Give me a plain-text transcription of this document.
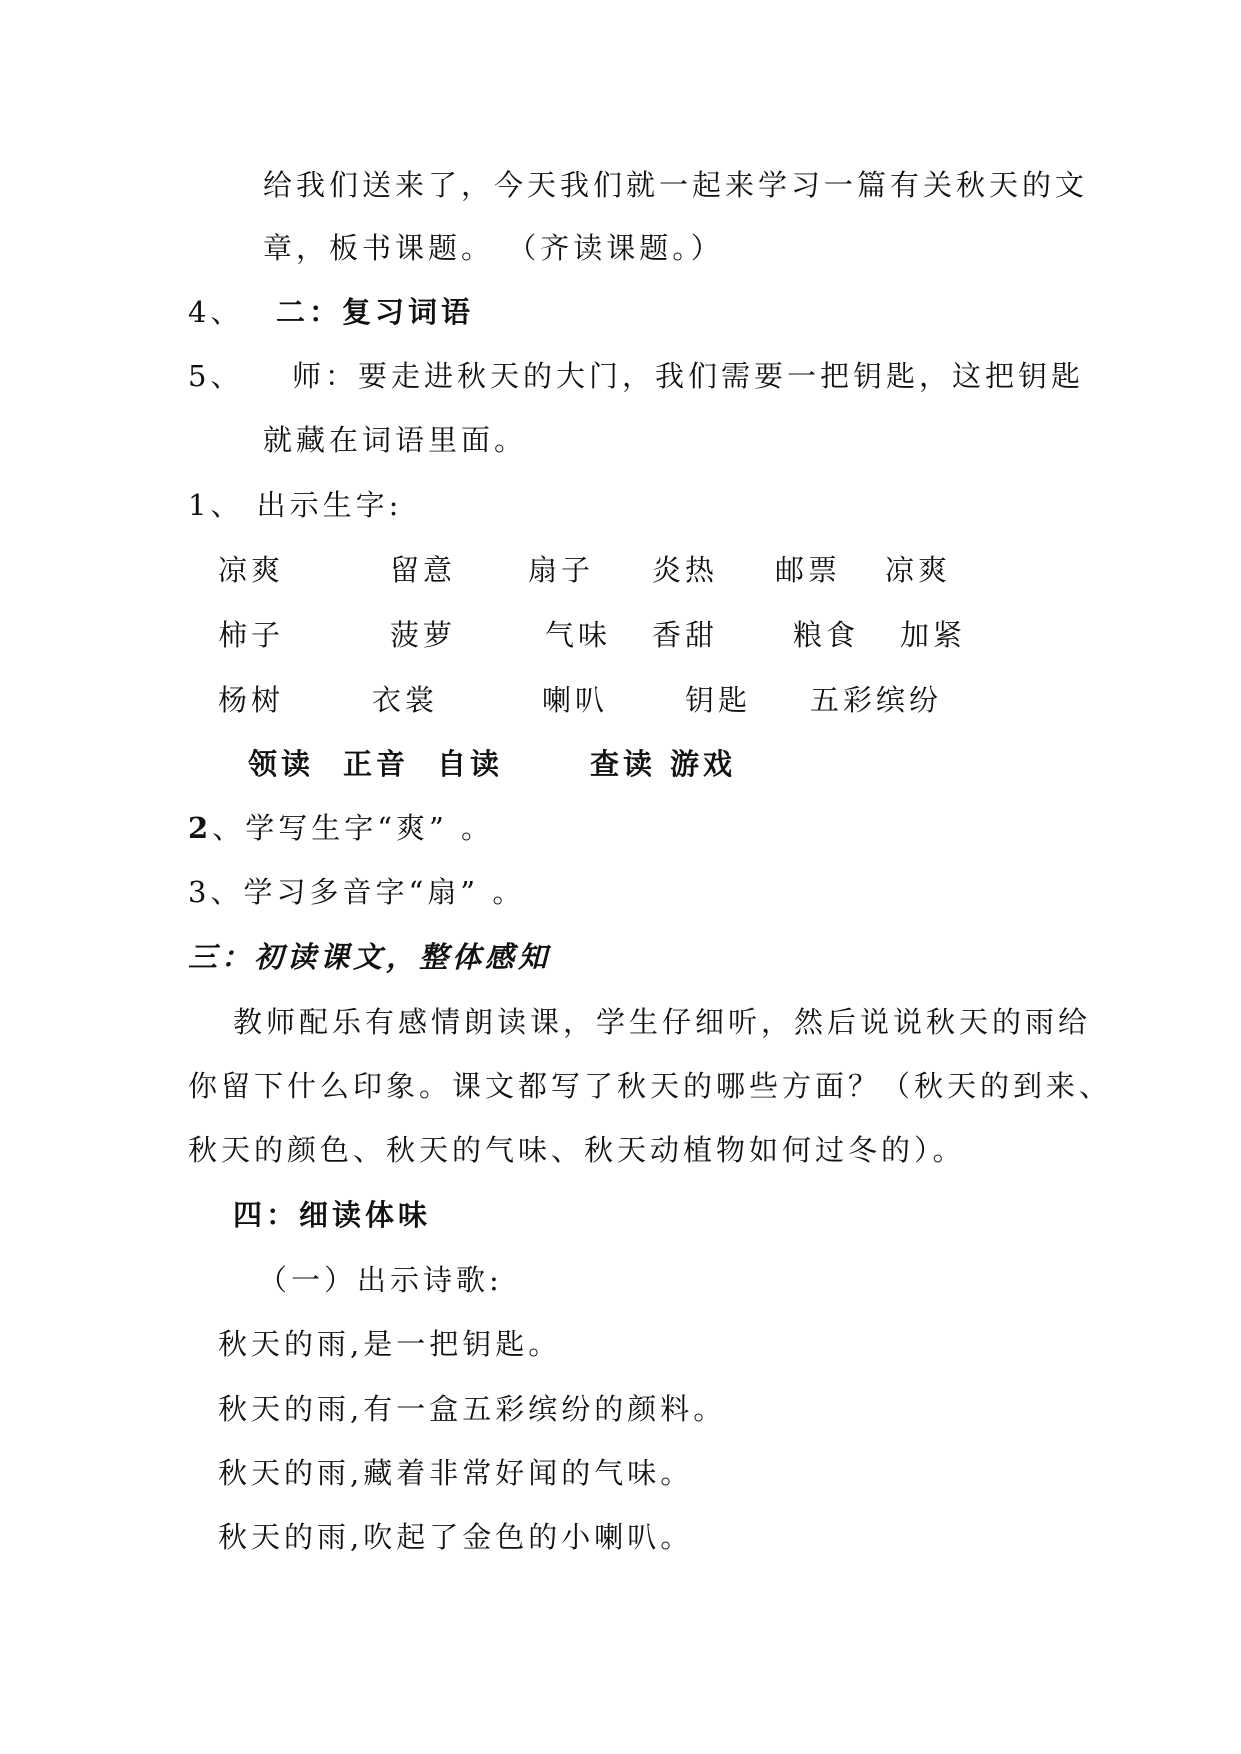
给我们送来了，今天我们就一起来学习一篇有关秋天的文
章，板书课题。 （齐读课题。）
4、 二：复习词语
5、 师：要走进秋天的大门，我们需要一把钥匙，这把钥匙
就藏在词语里面。
1、 出示生字:
凉爽	留意 扇子 炎热 邮票 凉爽
柿子	菠萝	气味 香甜	粮食 加紧
杨树	衣裳	喇叭	钥匙 五彩缤纷
领读 正音 自读	查读 游戏
2、学写生字“爽” 。
3、学习多音字“扇” 。
三：初读课文，整体感知
教师配乐有感情朗读课，学生仔细听，然后说说秋天的雨给
你留下什么印象。课文都写了秋天的哪些方面？（秋天的到来、
秋天的颜色、秋天的气味、秋天动植物如何过冬的）。
四：细读体味
（一）出示诗歌:
秋天的雨,是一把钥匙。
秋天的雨,有一盒五彩缤纷的颜料。
秋天的雨,藏着非常好闻的气味。
秋天的雨,吹起了金色的小喇叭。
